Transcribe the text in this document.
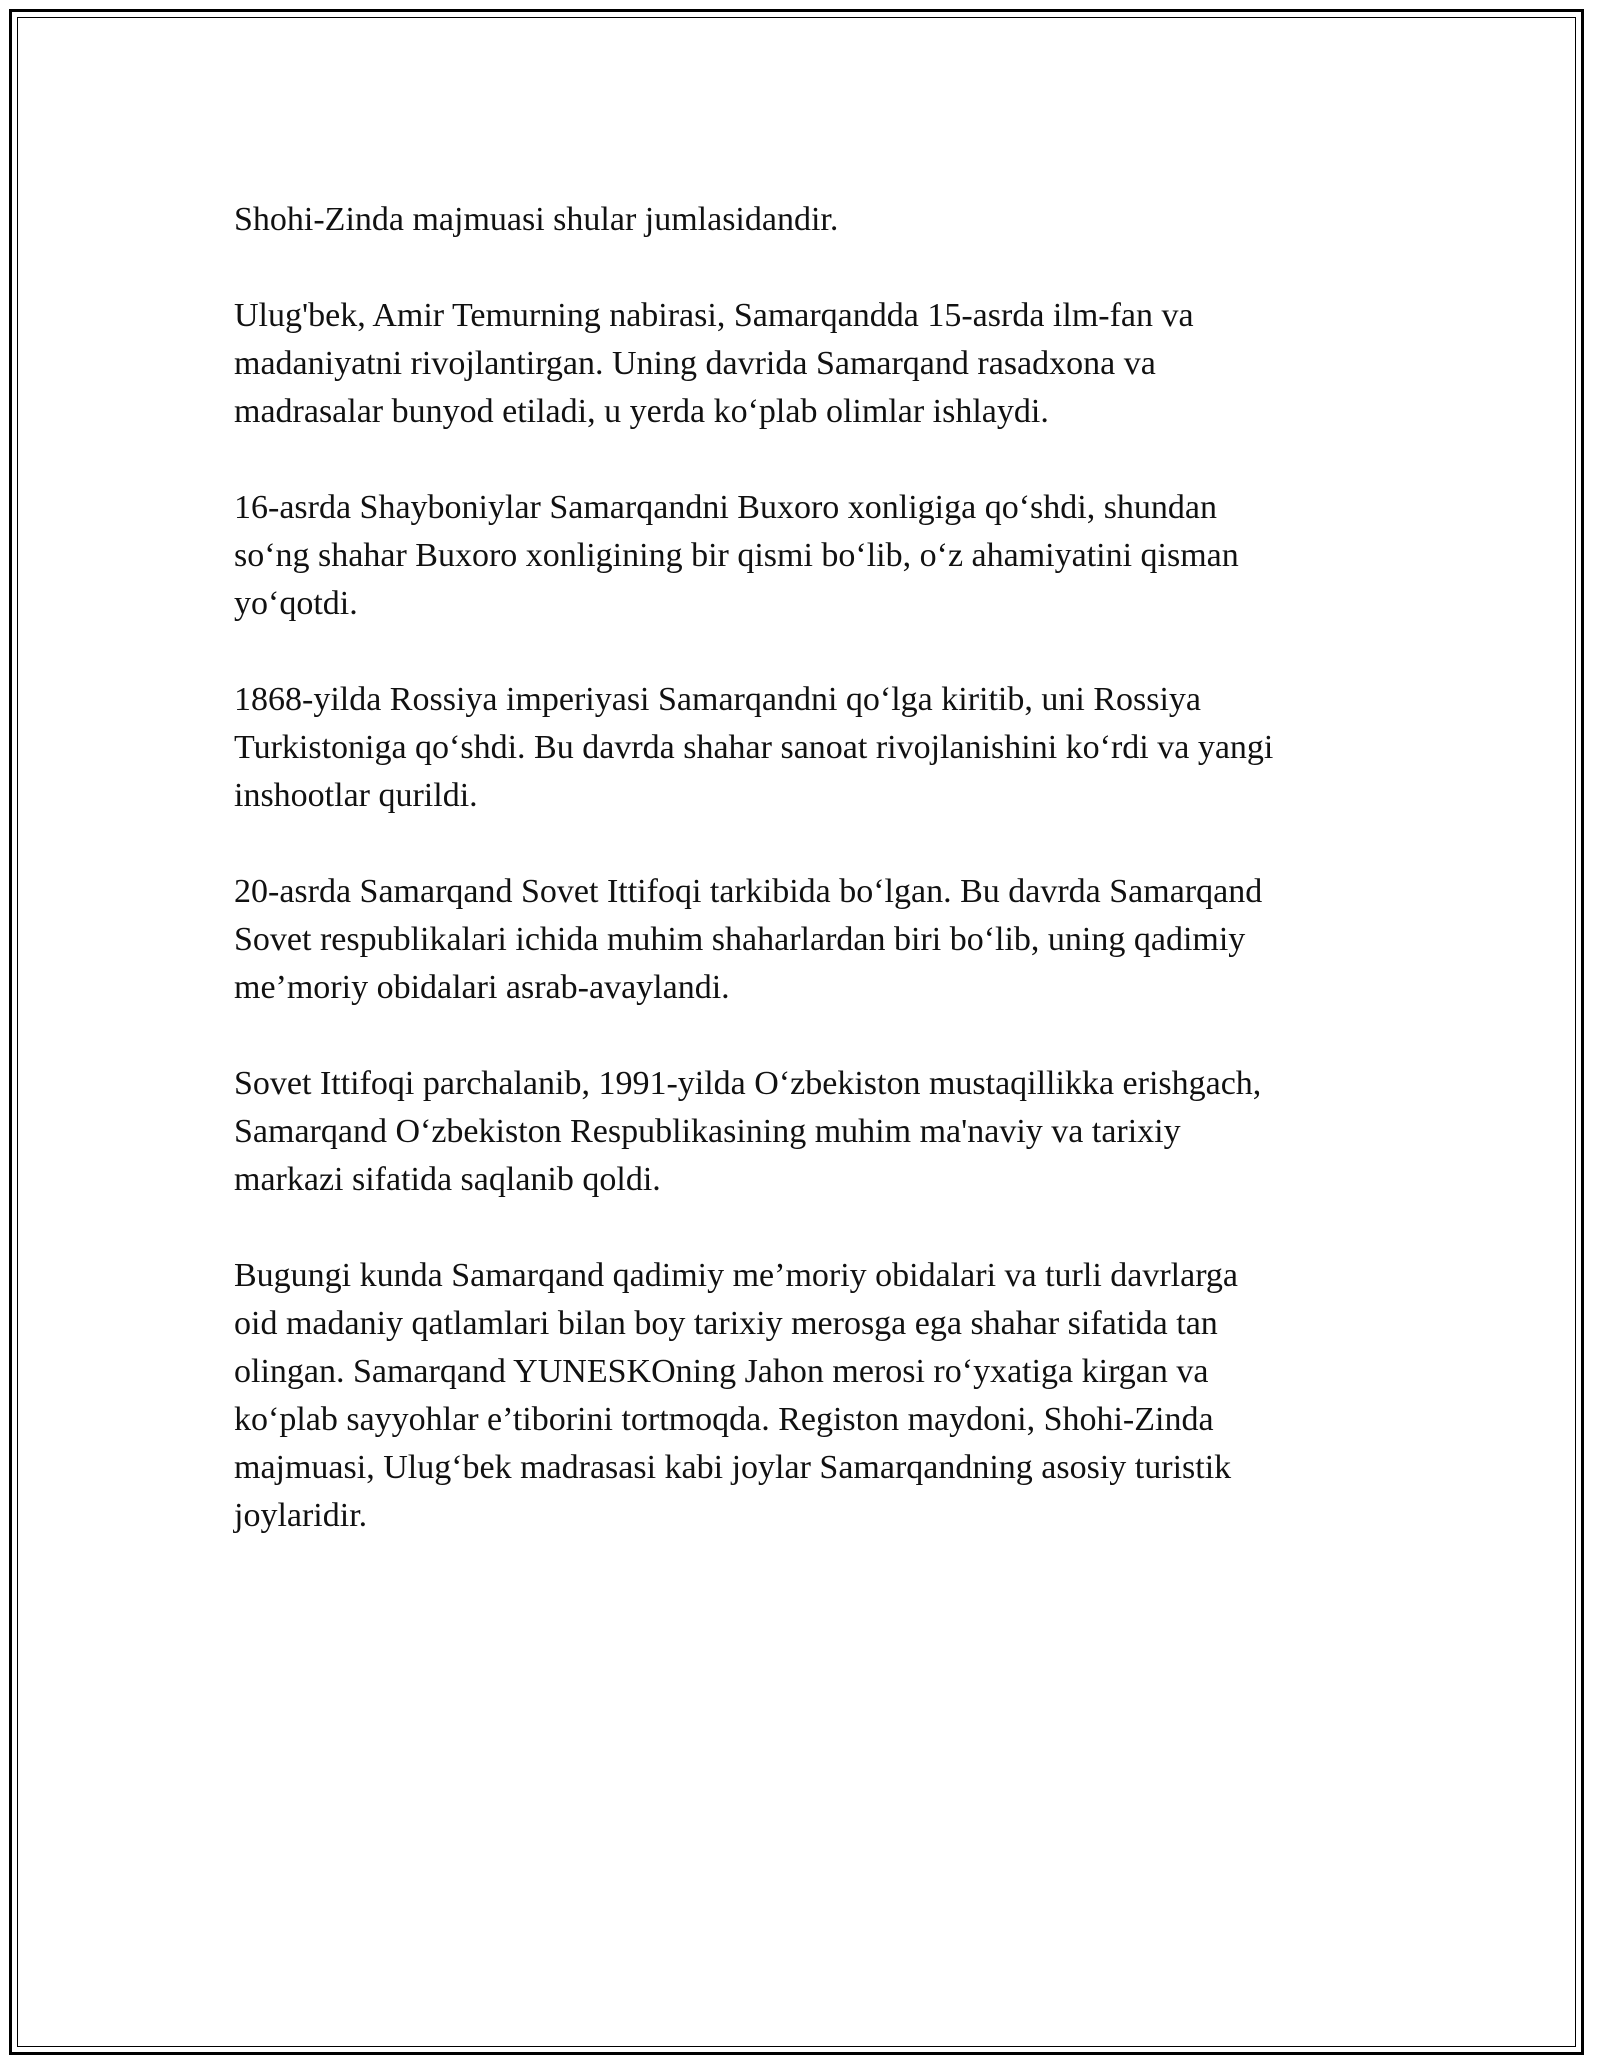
Shohi-Zinda majmuasi shular jumlasidandir.

Ulug'bek, Amir Temurning nabirasi, Samarqandda 15-asrda ilm-fan va
madaniyatni rivojlantirgan. Uning davrida Samarqand rasadxona va
madrasalar bunyod etiladi, u yerda ko‘plab olimlar ishlaydi.

16-asrda Shayboniylar Samarqandni Buxoro xonligiga qo‘shdi, shundan
so‘ng shahar Buxoro xonligining bir qismi bo‘lib, o‘z ahamiyatini qisman
yo‘qotdi.

1868-yilda Rossiya imperiyasi Samarqandni qo‘lga kiritib, uni Rossiya
Turkistoniga qo‘shdi. Bu davrda shahar sanoat rivojlanishini ko‘rdi va yangi
inshootlar qurildi.

20-asrda Samarqand Sovet Ittifoqi tarkibida bo‘lgan. Bu davrda Samarqand
Sovet respublikalari ichida muhim shaharlardan biri bo‘lib, uning qadimiy
me’moriy obidalari asrab-avaylandi.

Sovet Ittifoqi parchalanib, 1991-yilda O‘zbekiston mustaqillikka erishgach,
Samarqand O‘zbekiston Respublikasining muhim ma'naviy va tarixiy
markazi sifatida saqlanib qoldi.

Bugungi kunda Samarqand qadimiy me’moriy obidalari va turli davrlarga
oid madaniy qatlamlari bilan boy tarixiy merosga ega shahar sifatida tan
olingan. Samarqand YUNESKOning Jahon merosi ro‘yxatiga kirgan va
ko‘plab sayyohlar e’tiborini tortmoqda. Registon maydoni, Shohi-Zinda
majmuasi, Ulug‘bek madrasasi kabi joylar Samarqandning asosiy turistik
joylaridir.
